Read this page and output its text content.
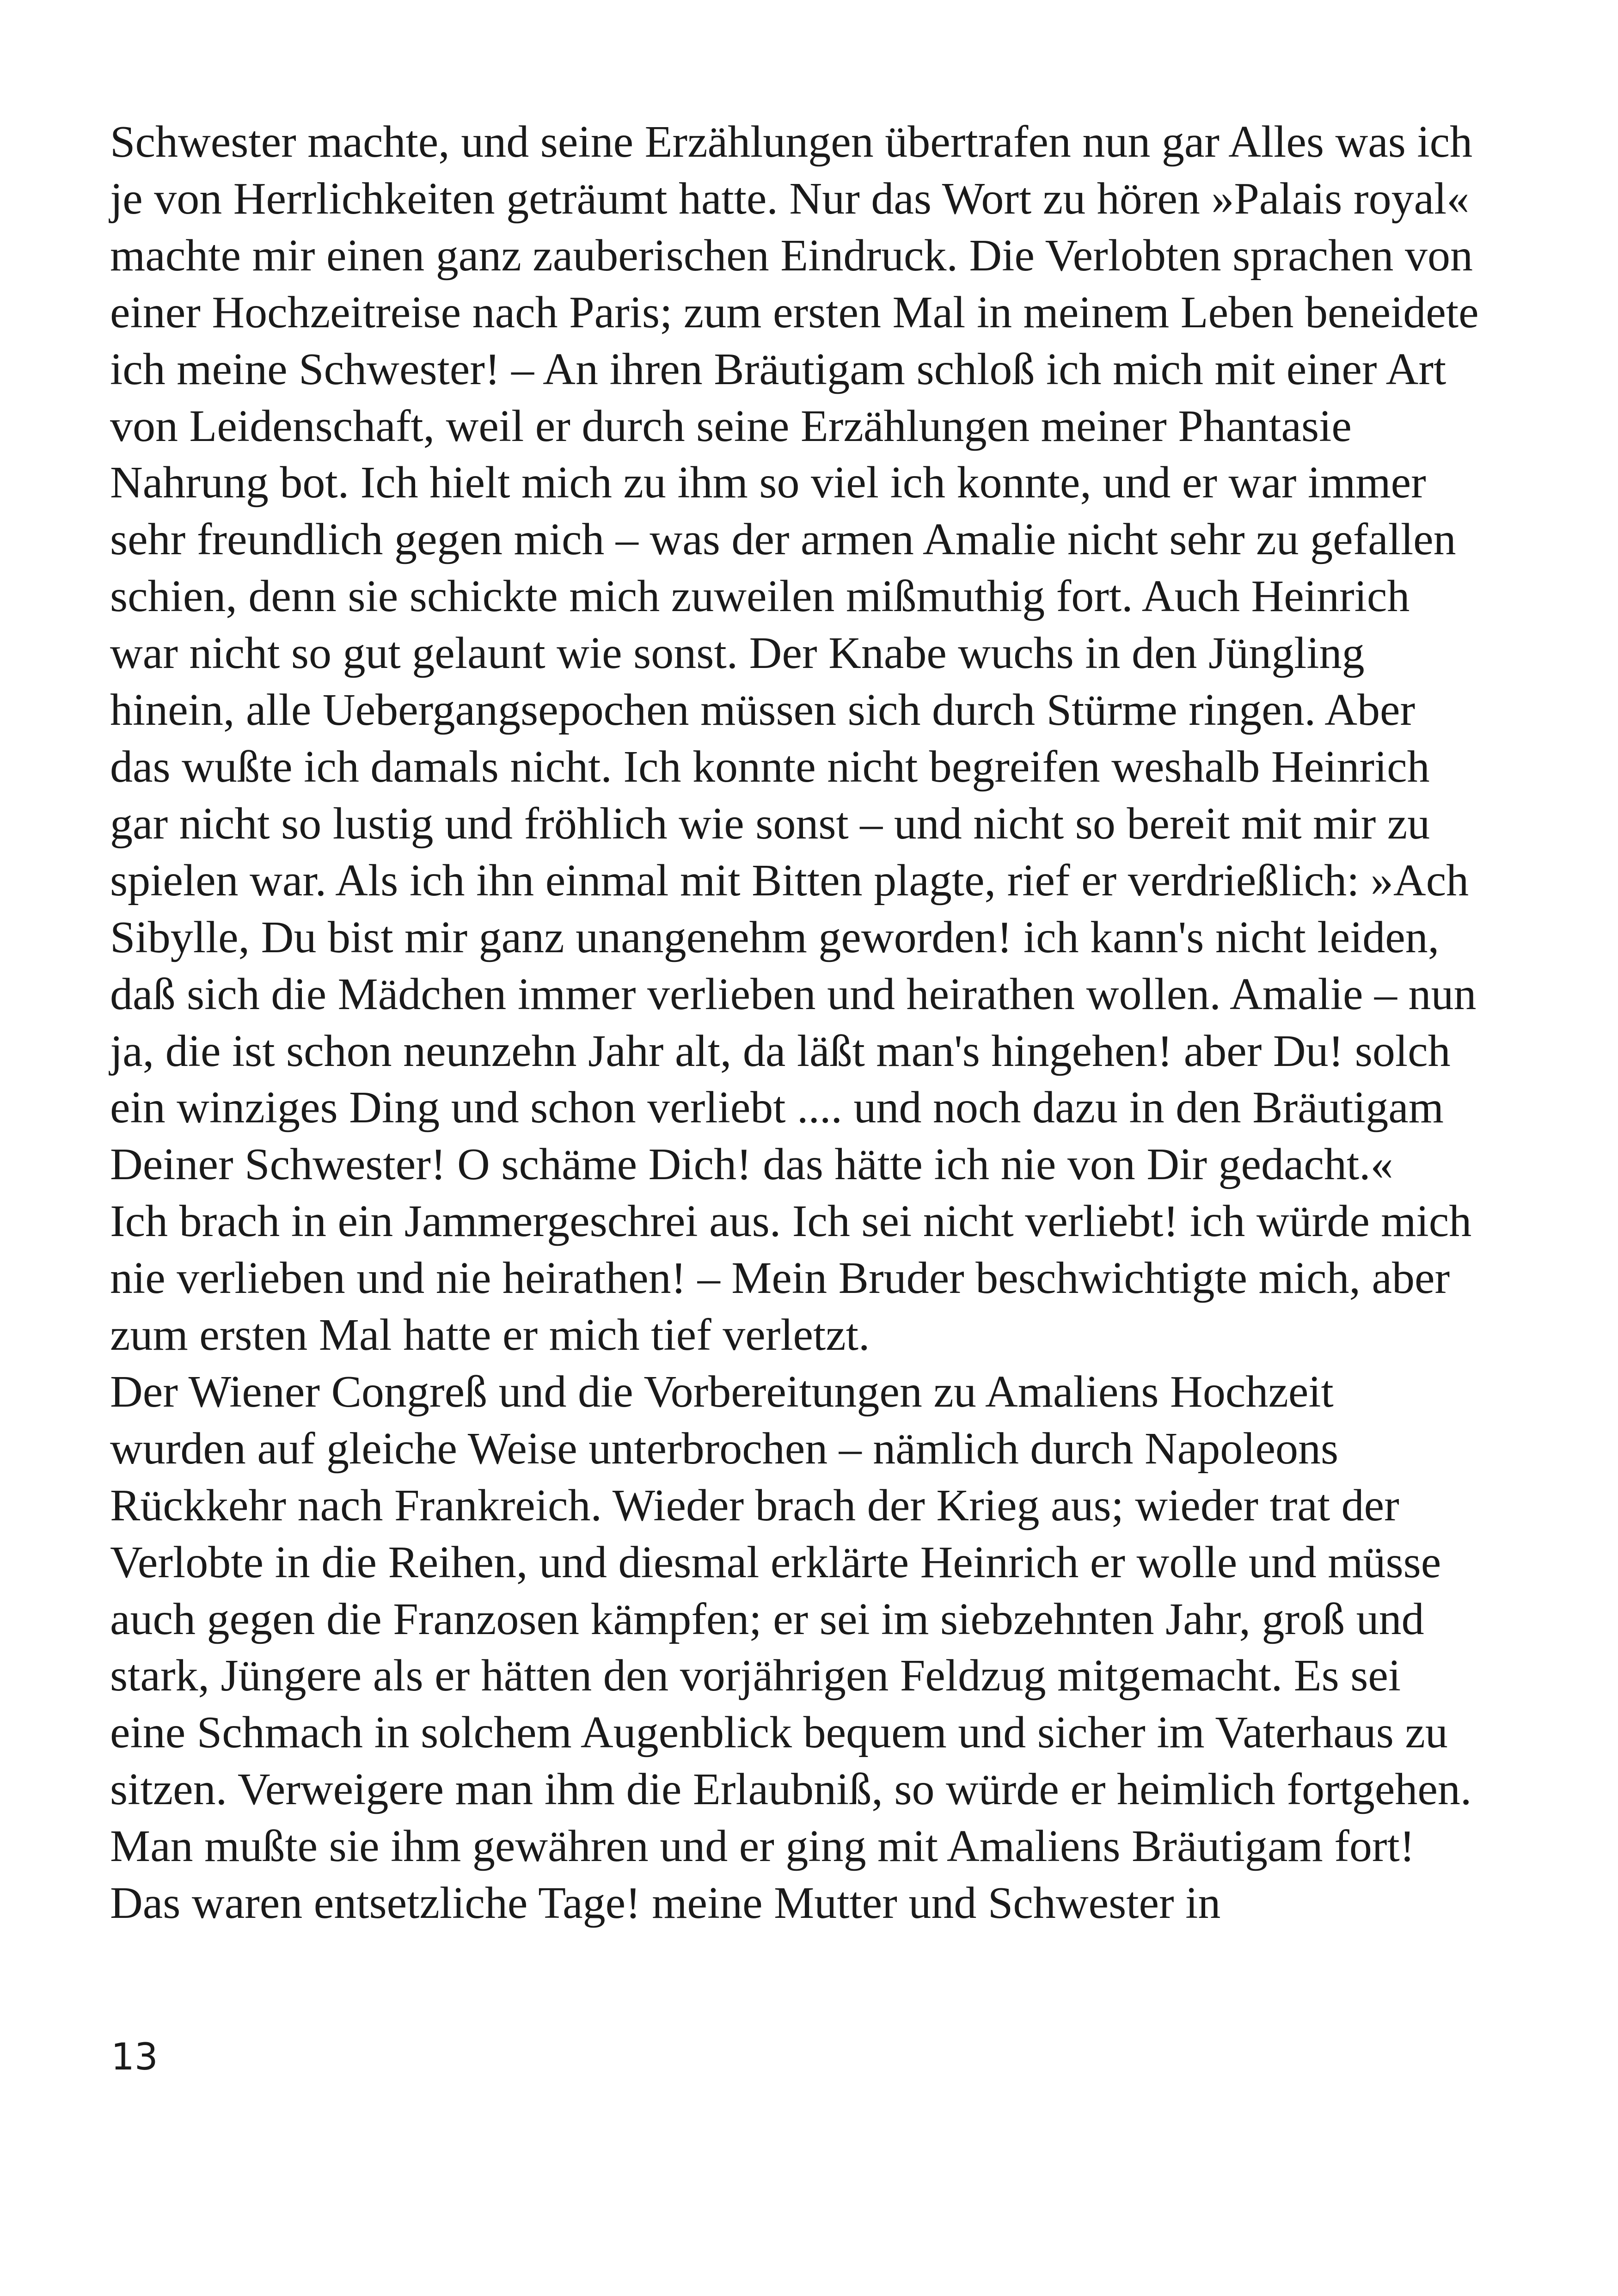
Schwester machte, und seine Erzählungen übertrafen nun gar Alles was ich
je von Herrlichkeiten geträumt hatte. Nur das Wort zu hören »Palais royal«
machte mir einen ganz zauberischen Eindruck. Die Verlobten sprachen von
einer Hochzeitreise nach Paris; zum ersten Mal in meinem Leben beneidete
ich meine Schwester! – An ihren Bräutigam schloß ich mich mit einer Art
von Leidenschaft, weil er durch seine Erzählungen meiner Phantasie
Nahrung bot. Ich hielt mich zu ihm so viel ich konnte, und er war immer
sehr freundlich gegen mich – was der armen Amalie nicht sehr zu gefallen
schien, denn sie schickte mich zuweilen mißmuthig fort. Auch Heinrich
war nicht so gut gelaunt wie sonst. Der Knabe wuchs in den Jüngling
hinein, alle Uebergangsepochen müssen sich durch Stürme ringen. Aber
das wußte ich damals nicht. Ich konnte nicht begreifen weshalb Heinrich
gar nicht so lustig und fröhlich wie sonst – und nicht so bereit mit mir zu
spielen war. Als ich ihn einmal mit Bitten plagte, rief er verdrießlich: »Ach
Sibylle, Du bist mir ganz unangenehm geworden! ich kann's nicht leiden,
daß sich die Mädchen immer verlieben und heirathen wollen. Amalie – nun
ja, die ist schon neunzehn Jahr alt, da läßt man's hingehen! aber Du! solch
ein winziges Ding und schon verliebt .... und noch dazu in den Bräutigam
Deiner Schwester! O schäme Dich! das hätte ich nie von Dir gedacht.«
Ich brach in ein Jammergeschrei aus. Ich sei nicht verliebt! ich würde mich
nie verlieben und nie heirathen! – Mein Bruder beschwichtigte mich, aber
zum ersten Mal hatte er mich tief verletzt.
Der Wiener Congreß und die Vorbereitungen zu Amaliens Hochzeit
wurden auf gleiche Weise unterbrochen – nämlich durch Napoleons
Rückkehr nach Frankreich. Wieder brach der Krieg aus; wieder trat der
Verlobte in die Reihen, und diesmal erklärte Heinrich er wolle und müsse
auch gegen die Franzosen kämpfen; er sei im siebzehnten Jahr, groß und
stark, Jüngere als er hätten den vorjährigen Feldzug mitgemacht. Es sei
eine Schmach in solchem Augenblick bequem und sicher im Vaterhaus zu
sitzen. Verweigere man ihm die Erlaubniß, so würde er heimlich fortgehen.
Man mußte sie ihm gewähren und er ging mit Amaliens Bräutigam fort!
Das waren entsetzliche Tage! meine Mutter und Schwester in
13
